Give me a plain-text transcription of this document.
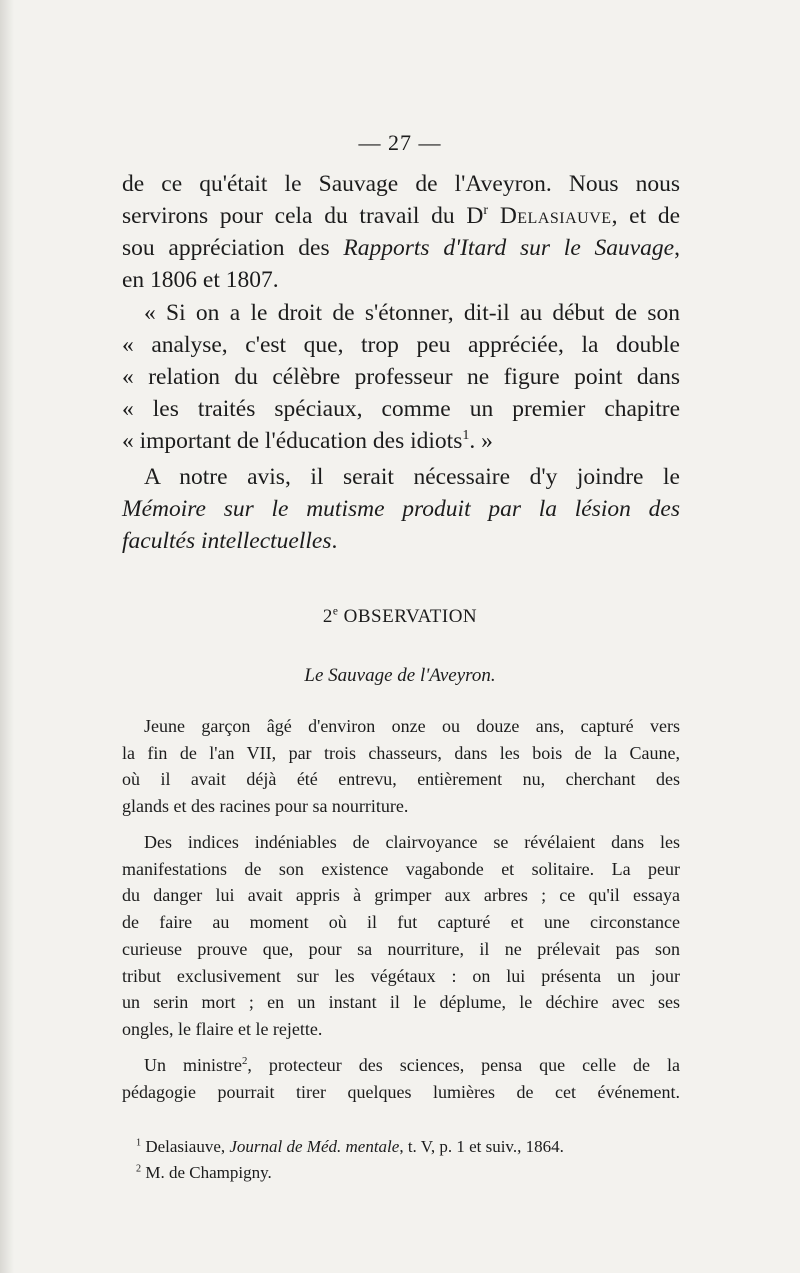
— 27 —
de ce qu'était le Sauvage de l'Aveyron. Nous nous
servirons pour cela du travail du $D^r$ Delasiauve, et de
sou appréciation des Rapports d'Itard sur le Sauvage,
en 1806 et 1807.
« Si on a le droit de s'étonner, dit-il au début de son
« analyse, c'est que, trop peu appréciée, la double
« relation du célèbre professeur ne figure point dans
« les traités spéciaux, comme un premier chapitre
« important de l'éducation des idiots$^1$. »
A notre avis, il serait nécessaire d'y joindre le
Mémoire sur le mutisme produit par la lésion des
facultés intellectuelles.
2e OBSERVATION
Le Sauvage de l'Aveyron.
Jeune garçon âgé d'environ onze ou douze ans, capturé vers
la fin de l'an VII, par trois chasseurs, dans les bois de la Caune,
où il avait déjà été entrevu, entièrement nu, cherchant des
glands et des racines pour sa nourriture.
Des indices indéniables de clairvoyance se révélaient dans les
manifestations de son existence vagabonde et solitaire. La peur
du danger lui avait appris à grimper aux arbres ; ce qu'il essaya
de faire au moment où il fut capturé et une circonstance
curieuse prouve que, pour sa nourriture, il ne prélevait pas son
tribut exclusivement sur les végétaux : on lui présenta un jour
un serin mort ; en un instant il le déplume, le déchire avec ses
ongles, le flaire et le rejette.
Un ministre$^2$, protecteur des sciences, pensa que celle de la
pédagogie pourrait tirer quelques lumières de cet événement.
$^1$ Delasiauve, Journal de Méd. mentale, t. V, p. 1 et suiv., 1864.
$^2$ M. de Champigny.
